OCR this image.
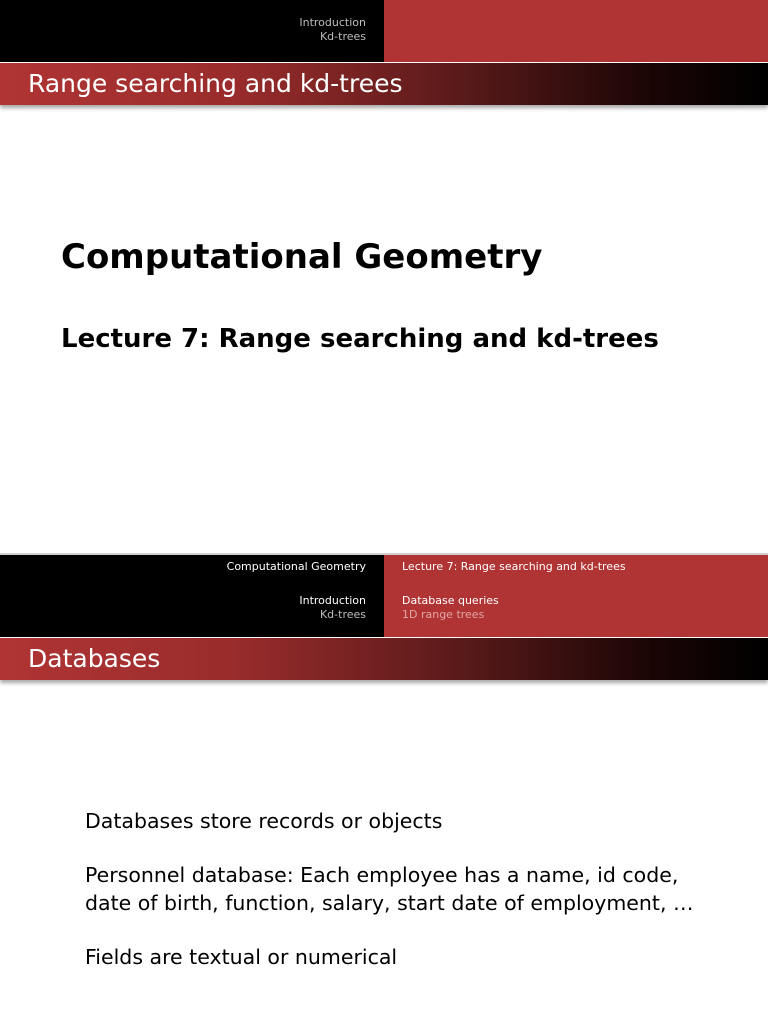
Introduction
Kd-trees
Range searching and kd-trees
Computational Geometry
Lecture 7: Range searching and kd-trees
Computational Geometry
Introduction
Kd-trees
Lecture 7: Range searching and kd-trees
Database queries
1D range trees
Databases
Databases store records or objects
Personnel database: Each employee has a name, id code, date of birth, function, salary, start date of employment, …
Fields are textual or numerical
